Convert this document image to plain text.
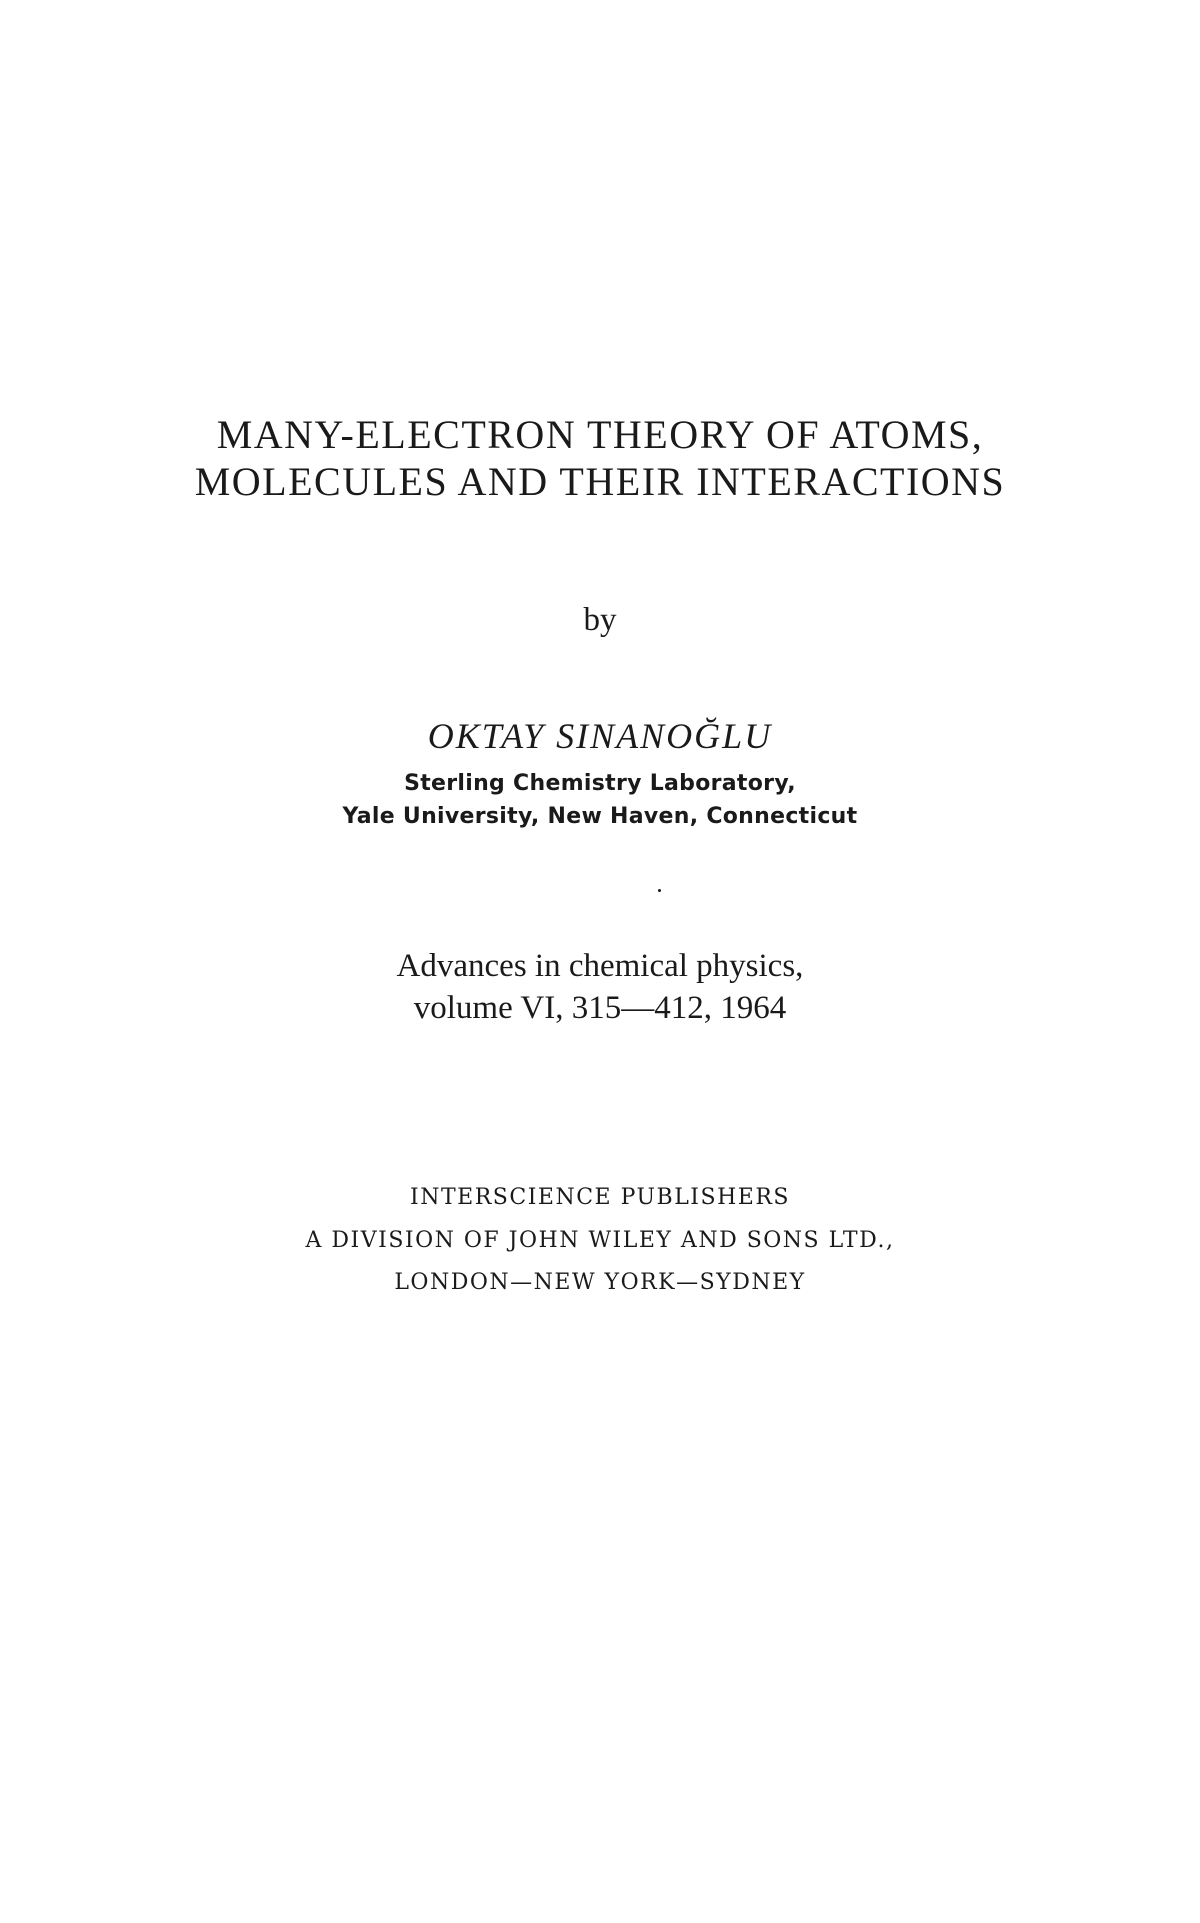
MANY-ELECTRON THEORY OF ATOMS,
MOLECULES AND THEIR INTERACTIONS

by

OKTAY SINANOĞLU

Sterling Chemistry Laboratory,

Yale University, New Haven, Connecticut

Advances in chemical physics,

volume VI, 315—412, 1964

INTERSCIENCE PUBLISHERS

A DIVISION OF JOHN WILEY AND SONS LTD.,

LONDON—NEW YORK—SYDNEY
